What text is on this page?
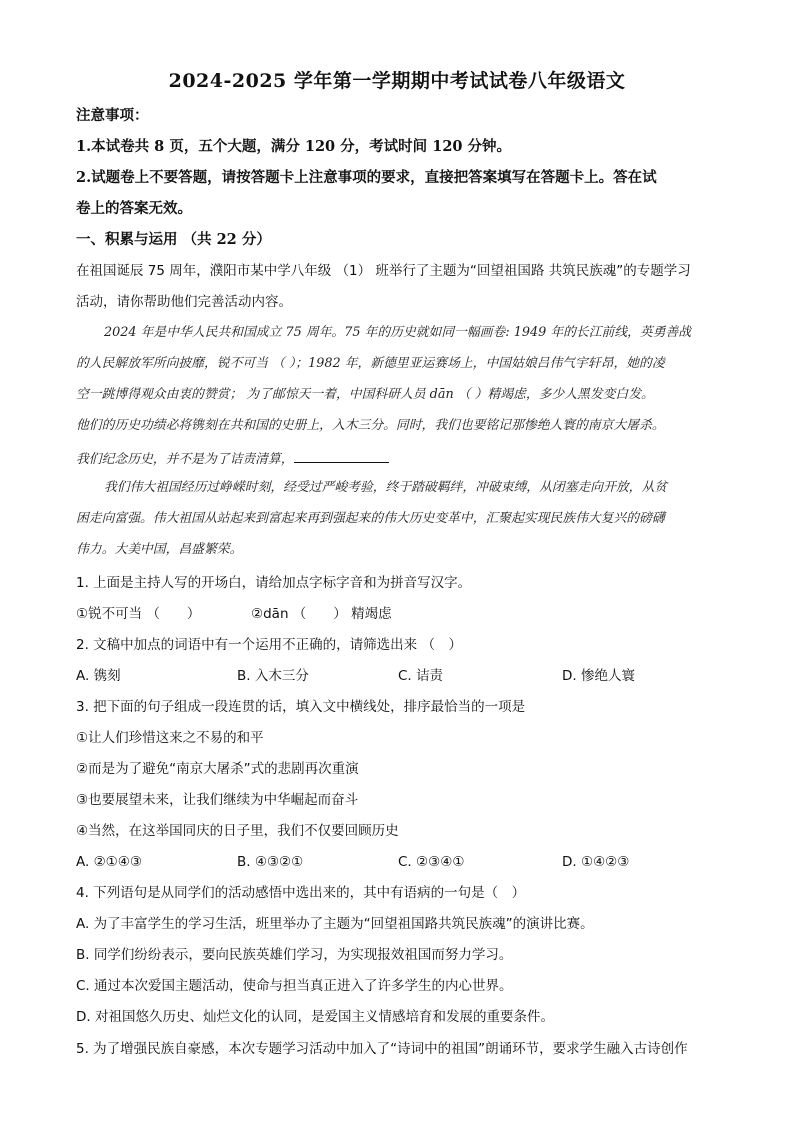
2024-2025 学年第一学期期中考试试卷八年级语文
注意事项：
1.本试卷共 8 页，五个大题，满分 120 分，考试时间 120 分钟。
2.试题卷上不要答题，请按答题卡上注意事项的要求，直接把答案填写在答题卡上。答在试
卷上的答案无效。
一、积累与运用 （共 22 分）
在祖国诞辰 75 周年，濮阳市某中学八年级 （1） 班举行了主题为“回望祖国路 共筑民族魂”的专题学习
活动，请你帮助他们完善活动内容。
2024 年是中华人民共和国成立 75 周年。75 年的历史就如同一幅画卷: 1949 年的长江前线，英勇善战
的人民解放军所向披靡，锐不可当 （ ）；1982 年，新德里亚运赛场上，中国姑娘吕伟气宇轩昂，她的凌
空一跳博得观众由衷的赞赏； 为了邮惊天一着，中国科研人员 dān （ ）精竭虑，多少人黑发变白发。
他们的历史功绩必将镌刻在共和国的史册上，入木三分。同时，我们也要铭记那惨绝人寰的南京大屠杀。
我们纪念历史，并不是为了诘责清算，
我们伟大祖国经历过峥嵘时刻，经受过严峻考验，终于踏破羁绊，冲破束缚，从闭塞走向开放，从贫
困走向富强。伟大祖国从站起来到富起来再到强起来的伟大历史变革中，汇聚起实现民族伟大复兴的磅礴
伟力。大美中国，昌盛繁荣。
1. 上面是主持人写的开场白，请给加点字标字音和为拼音写汉字。
①锐不可当 （　　）	②dān （　　） 精竭虑
2. 文稿中加点的词语中有一个运用不正确的，请筛选出来 （　）
A. 镌刻	B. 入木三分	C. 诘责	D. 惨绝人寰
3. 把下面的句子组成一段连贯的话，填入文中横线处，排序最恰当的一项是
①让人们珍惜这来之不易的和平
②而是为了避免“南京大屠杀”式的悲剧再次重演
③也要展望未来，让我们继续为中华崛起而奋斗
④当然，在这举国同庆的日子里，我们不仅要回顾历史
A. ②①④③	B. ④③②①	C. ②③④①	D. ①④②③
4. 下列语句是从同学们的活动感悟中选出来的，其中有语病的一句是（　）
A. 为了丰富学生的学习生活，班里举办了主题为“回望祖国路共筑民族魂”的演讲比赛。
B. 同学们纷纷表示，要向民族英雄们学习，为实现报效祖国而努力学习。
C. 通过本次爱国主题活动，使命与担当真正进入了许多学生的内心世界。
D. 对祖国悠久历史、灿烂文化的认同，是爱国主义情感培育和发展的重要条件。
5. 为了增强民族自豪感，本次专题学习活动中加入了“诗词中的祖国”朗诵环节，要求学生融入古诗创作
